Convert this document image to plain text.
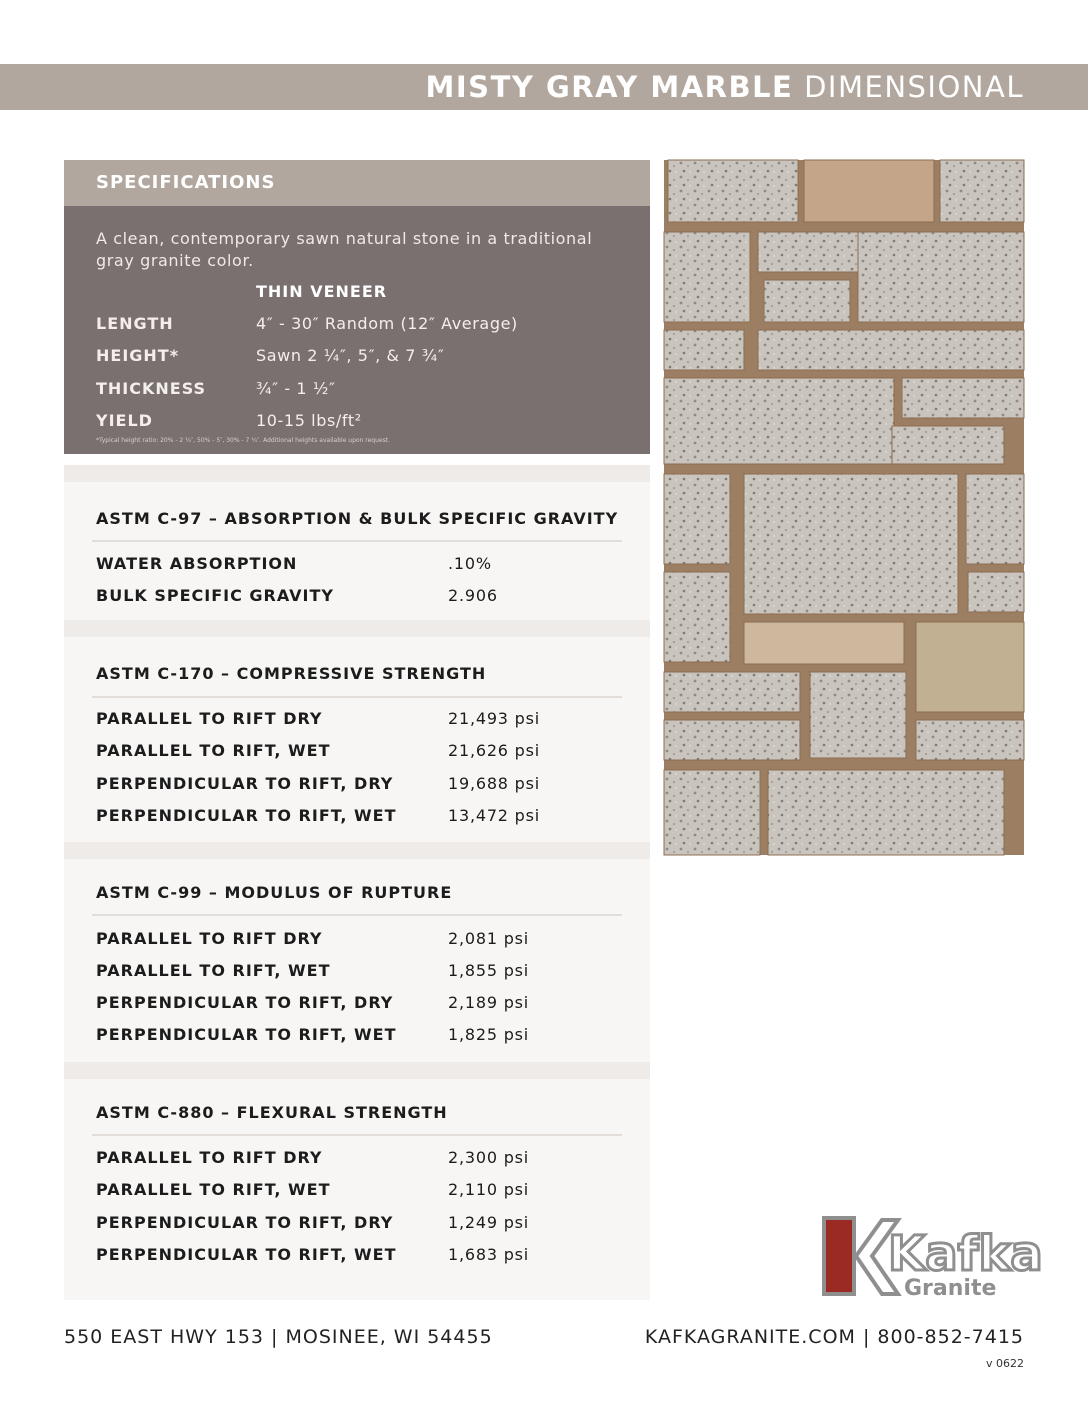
MISTY GRAY MARBLE DIMENSIONAL
SPECIFICATIONS
A clean, contemporary sawn natural stone in a traditional gray granite color.
THIN VENEER
LENGTH	4″ - 30″ Random (12″ Average)
HEIGHT*	Sawn 2 ¼″, 5″, & 7 ¾″
THICKNESS	¾″ - 1 ½″
YIELD	10-15 lbs/ft²
*Typical height ratio: 20% - 2 ¼″, 50% - 5″, 30% - 7 ¾″. Additional heights available upon request.
ASTM C-97 – ABSORPTION & BULK SPECIFIC GRAVITY
WATER ABSORPTION	.10%
BULK SPECIFIC GRAVITY	2.906
ASTM C-170 – COMPRESSIVE STRENGTH
PARALLEL TO RIFT DRY	21,493 psi
PARALLEL TO RIFT, WET	21,626 psi
PERPENDICULAR TO RIFT, DRY	19,688 psi
PERPENDICULAR TO RIFT, WET	13,472 psi
ASTM C-99 – MODULUS OF RUPTURE
PARALLEL TO RIFT DRY	2,081 psi
PARALLEL TO RIFT, WET	1,855 psi
PERPENDICULAR TO RIFT, DRY	2,189 psi
PERPENDICULAR TO RIFT, WET	1,825 psi
ASTM C-880 – FLEXURAL STRENGTH
PARALLEL TO RIFT DRY	2,300 psi
PARALLEL TO RIFT, WET	2,110 psi
PERPENDICULAR TO RIFT, DRY	1,249 psi
PERPENDICULAR TO RIFT, WET	1,683 psi	Kafka
Granite
550 EAST HWY 153 | MOSINEE, WI 54455	KAFKAGRANITE.COM | 800-852-7415
v 0622
